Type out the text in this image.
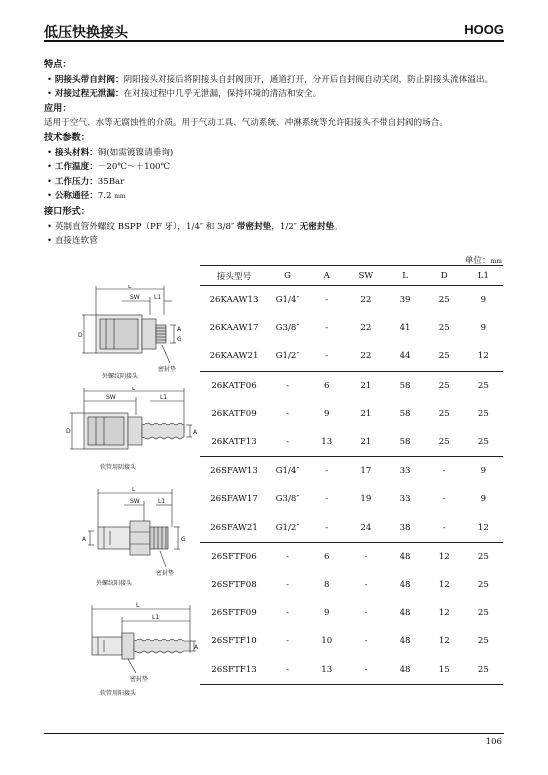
低压快换接头	HOOG
特点：
• 阴接头带自封阀：阴阳接头对接后将阴接头自封阀顶开，通道打开，分开后自封阀自动关闭，防止阴接头流体溢出。
• 对接过程无泄漏：在对接过程中几乎无泄漏，保持环境的清洁和安全。
应用：
适用于空气、水等无腐蚀性的介质。用于气动工具、气动系统、冲淋系统等允许阳接头不带自封阀的场合。
技术参数：
• 接头材料：铜(如需镀镍请垂询)
• 工作温度：－20℃～＋100℃
• 工作压力：35Bar
• 公称通径：7.2 mm
接口形式：
• 英制直管外螺纹 BSPP（PF 牙），1/4″ 和 3/8″ 带密封垫，1/2″ 无密封垫。
• 直接连软管
单位：mm
L
SW L1
D
A
G
密封垫
外螺纹阴接头
L
SW	L1
D	A
软管用阴接头
L
SW	L1
A	G
密封垫
外螺纹阳接头
L
L1
A
密封垫
软管用阳接头
接头型号	G	A	SW	L	D	L1
26KAAW13	G1/4″	-	22	39	25	9
26KAAW17	G3/8″	-	22	41	25	9
26KAAW21	G1/2″	-	22	44	25	12
26KATF06	-	6	21	58	25	25
26KATF09	-	9	21	58	25	25
26KATF13	-	13	21	58	25	25
26SFAW13	G1/4″	-	17	33	-	9
26SFAW17	G3/8″	-	19	33	-	9
26SFAW21	G1/2″	-	24	38	-	12
26SFTF06	-	6	-	48	12	25
26SFTF08	-	8	-	48	12	25
26SFTF09	-	9	-	48	12	25
26SFTF10	-	10	-	48	12	25
26SFTF13	-	13	-	48	15	25
106
